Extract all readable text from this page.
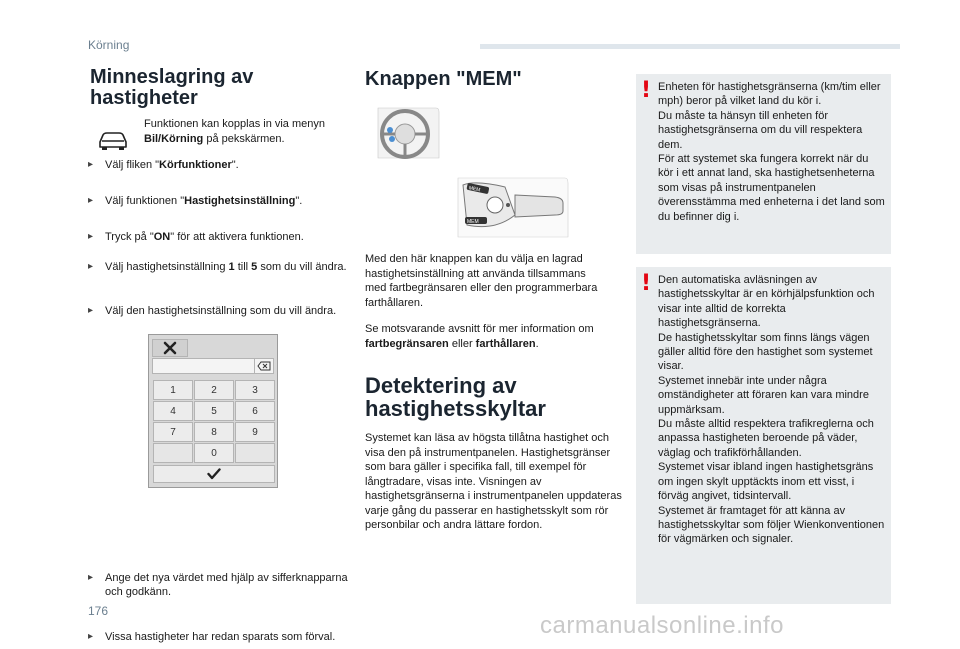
Körning
176
carmanualsonline.info
Minneslagring av hastigheter
Funktionen kan kopplas in via menyn Bil/Körning på pekskärmen.
▸ Välj fliken "Körfunktioner".
▸ Välj funktionen "Hastighetsinställning".
▸ Tryck på "ON" för att aktivera funktionen.
▸ Välj hastighetsinställning 1 till 5 som du vill ändra.
▸ Välj den hastighetsinställning som du vill ändra.
1	2	3
4	5	6
7	8	9
0
▸ Ange det nya värdet med hjälp av sifferknapparna och godkänn.
▸ Vissa hastigheter har redan sparats som förval.
Knappen "MEM"
MEM
MEM
Med den här knappen kan du välja en lagrad hastighetsinställning att använda tillsammans med fartbegränsaren eller den programmerbara farthållaren.
Se motsvarande avsnitt för mer information om fartbegränsaren eller farthållaren.
Detektering av hastighetsskyltar
Systemet kan läsa av högsta tillåtna hastighet och visa den på instrumentpanelen. Hastighetsgränser som bara gäller i specifika fall, till exempel för långtradare, visas inte. Visningen av hastighetsgränserna i instrumentpanelen uppdateras varje gång du passerar en hastighetsskylt som rör personbilar och andra lättare fordon.
! Enheten för hastighetsgränserna (km/tim eller mph) beror på vilket land du kör i.
Du måste ta hänsyn till enheten för hastighetsgränserna om du vill respektera dem.
För att systemet ska fungera korrekt när du kör i ett annat land, ska hastighetsenheterna som visas på instrumentpanelen överensstämma med enheterna i det land som du befinner dig i.
! Den automatiska avläsningen av hastighetsskyltar är en körhjälpsfunktion och visar inte alltid de korrekta hastighetsgränserna.
De hastighetsskyltar som finns längs vägen gäller alltid före den hastighet som systemet visar.
Systemet innebär inte under några omständigheter att föraren kan vara mindre uppmärksam.
Du måste alltid respektera trafikreglerna och anpassa hastigheten beroende på väder, väglag och trafikförhållanden.
Systemet visar ibland ingen hastighetsgräns om ingen skylt upptäckts inom ett visst, i förväg angivet, tidsintervall.
Systemet är framtaget för att känna av hastighetsskyltar som följer Wienkonventionen för vägmärken och signaler.
